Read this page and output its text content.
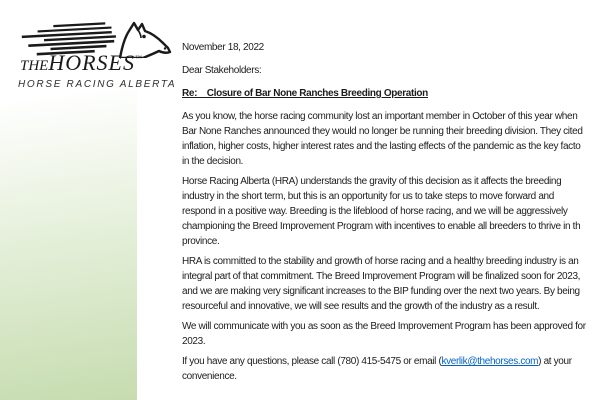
THEHORSES™
HORSE RACING ALBERTA
November 18, 2022
Dear Stakeholders:
Re:    Closure of Bar None Ranches Breeding Operation
As you know, the horse racing community lost an important member in October of this year when
Bar None Ranches announced they would no longer be running their breeding division. They cited
inflation, higher costs, higher interest rates and the lasting effects of the pandemic as the key facto
in the decision.
Horse Racing Alberta (HRA) understands the gravity of this decision as it affects the breeding
industry in the short term, but this is an opportunity for us to take steps to move forward and
respond in a positive way. Breeding is the lifeblood of horse racing, and we will be aggressively
championing the Breed Improvement Program with incentives to enable all breeders to thrive in th
province.
HRA is committed to the stability and growth of horse racing and a healthy breeding industry is an
integral part of that commitment. The Breed Improvement Program will be finalized soon for 2023,
and we are making very significant increases to the BIP funding over the next two years. By being
resourceful and innovative, we will see results and the growth of the industry as a result.
We will communicate with you as soon as the Breed Improvement Program has been approved for
2023.
If you have any questions, please call (780) 415-5475 or email (kverlik@thehorses.com) at your
convenience.
